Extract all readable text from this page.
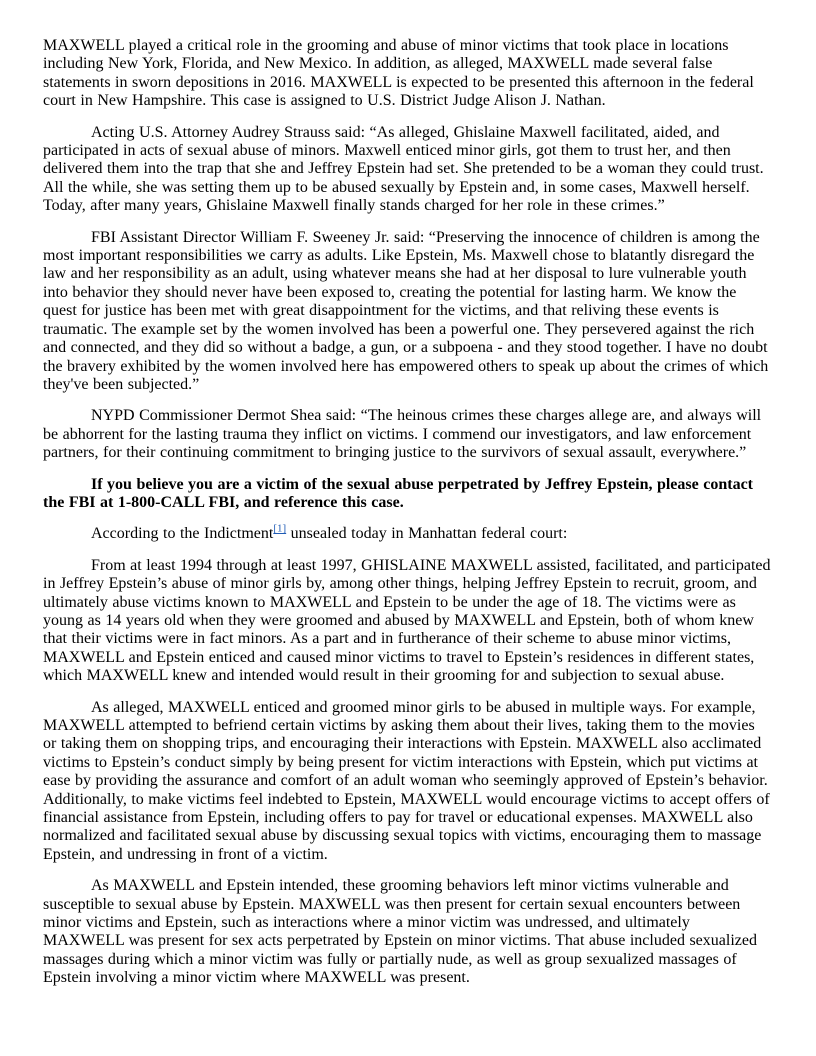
MAXWELL played a critical role in the grooming and abuse of minor victims that took place in locations including New York, Florida, and New Mexico. In addition, as alleged, MAXWELL made several false statements in sworn depositions in 2016. MAXWELL is expected to be presented this afternoon in the federal court in New Hampshire. This case is assigned to U.S. District Judge Alison J. Nathan.

Acting U.S. Attorney Audrey Strauss said: “As alleged, Ghislaine Maxwell facilitated, aided, and participated in acts of sexual abuse of minors. Maxwell enticed minor girls, got them to trust her, and then delivered them into the trap that she and Jeffrey Epstein had set. She pretended to be a woman they could trust. All the while, she was setting them up to be abused sexually by Epstein and, in some cases, Maxwell herself. Today, after many years, Ghislaine Maxwell finally stands charged for her role in these crimes.”

FBI Assistant Director William F. Sweeney Jr. said: “Preserving the innocence of children is among the most important responsibilities we carry as adults. Like Epstein, Ms. Maxwell chose to blatantly disregard the law and her responsibility as an adult, using whatever means she had at her disposal to lure vulnerable youth into behavior they should never have been exposed to, creating the potential for lasting harm. We know the quest for justice has been met with great disappointment for the victims, and that reliving these events is traumatic. The example set by the women involved has been a powerful one. They persevered against the rich and connected, and they did so without a badge, a gun, or a subpoena - and they stood together. I have no doubt the bravery exhibited by the women involved here has empowered others to speak up about the crimes of which they've been subjected.”

NYPD Commissioner Dermot Shea said: “The heinous crimes these charges allege are, and always will be abhorrent for the lasting trauma they inflict on victims. I commend our investigators, and law enforcement partners, for their continuing commitment to bringing justice to the survivors of sexual assault, everywhere.”

If you believe you are a victim of the sexual abuse perpetrated by Jeffrey Epstein, please contact the FBI at 1-800-CALL FBI, and reference this case.

According to the Indictment[1] unsealed today in Manhattan federal court:

From at least 1994 through at least 1997, GHISLAINE MAXWELL assisted, facilitated, and participated in Jeffrey Epstein’s abuse of minor girls by, among other things, helping Jeffrey Epstein to recruit, groom, and ultimately abuse victims known to MAXWELL and Epstein to be under the age of 18. The victims were as young as 14 years old when they were groomed and abused by MAXWELL and Epstein, both of whom knew that their victims were in fact minors. As a part and in furtherance of their scheme to abuse minor victims, MAXWELL and Epstein enticed and caused minor victims to travel to Epstein’s residences in different states, which MAXWELL knew and intended would result in their grooming for and subjection to sexual abuse.

As alleged, MAXWELL enticed and groomed minor girls to be abused in multiple ways. For example, MAXWELL attempted to befriend certain victims by asking them about their lives, taking them to the movies or taking them on shopping trips, and encouraging their interactions with Epstein. MAXWELL also acclimated victims to Epstein’s conduct simply by being present for victim interactions with Epstein, which put victims at ease by providing the assurance and comfort of an adult woman who seemingly approved of Epstein’s behavior. Additionally, to make victims feel indebted to Epstein, MAXWELL would encourage victims to accept offers of financial assistance from Epstein, including offers to pay for travel or educational expenses. MAXWELL also normalized and facilitated sexual abuse by discussing sexual topics with victims, encouraging them to massage Epstein, and undressing in front of a victim.

As MAXWELL and Epstein intended, these grooming behaviors left minor victims vulnerable and susceptible to sexual abuse by Epstein. MAXWELL was then present for certain sexual encounters between minor victims and Epstein, such as interactions where a minor victim was undressed, and ultimately MAXWELL was present for sex acts perpetrated by Epstein on minor victims. That abuse included sexualized massages during which a minor victim was fully or partially nude, as well as group sexualized massages of Epstein involving a minor victim where MAXWELL was present.
